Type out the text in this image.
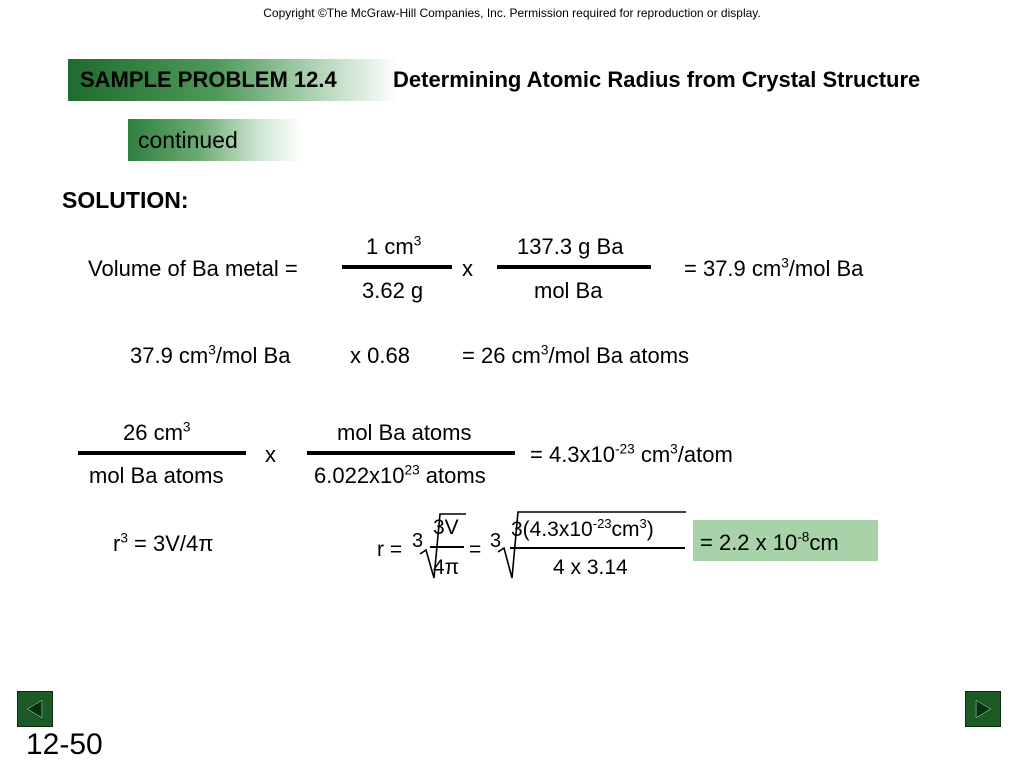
Copyright ©The McGraw-Hill Companies, Inc. Permission required for reproduction or display.
SAMPLE PROBLEM 12.4	Determining Atomic Radius from Crystal Structure
continued
SOLUTION:
Volume of Ba metal =
1 $cm^3$
3.62 g
x
137.3 g Ba
mol Ba
= 37.9 $cm^3$/mol Ba
37.9 $cm^3$/mol Ba	x 0.68 = 26 $cm^3$/mol Ba atoms
26 $cm^3$
mol Ba atoms
x
mol Ba atoms
$6.022x10^{23}$ atoms
= $4.3x10^{-23}$ $cm^3$/atom
$r^3 = 3V/4\pi$	r = 3
3V
4π
= 3 $3(4.3x10^{-23}cm^3)$
4 x 3.14
= 2.2 x $10^{-8}cm$
12-50
